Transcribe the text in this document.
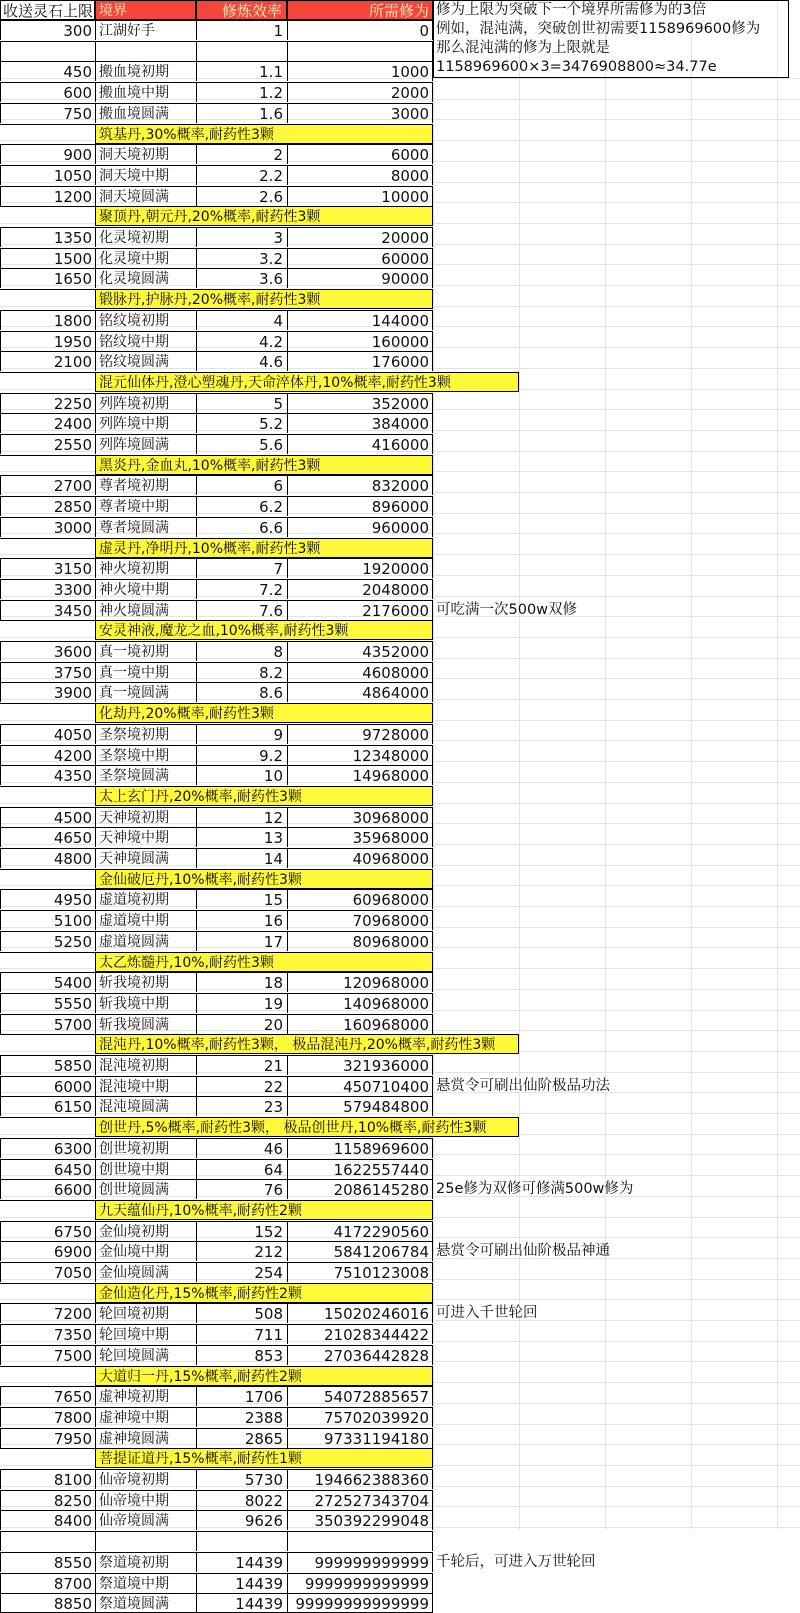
收送灵石上限 境界	修炼效率	所需修为 修为上限为突破下一个境界所需修为的3倍
例如，混沌满，突破创世初需要1158969600修为
那么混沌满的修为上限就是
1158969600×3=3476908800≈34.77e
300 江湖好手	1	0
450 搬血境初期	1.1	1000
600 搬血境中期	1.2	2000
750 搬血境圆满	1.6	3000
筑基丹,30%概率,耐药性3颗
900 洞天境初期	2	6000
1050 洞天境中期	2.2	8000
1200 洞天境圆满	2.6	10000
聚顶丹,朝元丹,20%概率,耐药性3颗
1350 化灵境初期	3	20000
1500 化灵境中期	3.2	60000
1650 化灵境圆满	3.6	90000
锻脉丹,护脉丹,20%概率,耐药性3颗
1800 铭纹境初期	4	144000
1950 铭纹境中期	4.2	160000
2100 铭纹境圆满	4.6	176000
混元仙体丹,澄心塑魂丹,天命淬体丹,10%概率,耐药性3颗
2250 列阵境初期	5	352000
2400 列阵境中期	5.2	384000
2550 列阵境圆满	5.6	416000
黑炎丹,金血丸,10%概率,耐药性3颗
2700 尊者境初期	6	832000
2850 尊者境中期	6.2	896000
3000 尊者境圆满	6.6	960000
虚灵丹,净明丹,10%概率,耐药性3颗
3150 神火境初期	7	1920000
3300 神火境中期	7.2	2048000
3450 神火境圆满	7.6	2176000 可吃满一次500w双修
安灵神液,魔龙之血,10%概率,耐药性3颗
3600 真一境初期	8	4352000
3750 真一境中期	8.2	4608000
3900 真一境圆满	8.6	4864000
化劫丹,20%概率,耐药性3颗
4050 圣祭境初期	9	9728000
4200 圣祭境中期	9.2	12348000
4350 圣祭境圆满	10	14968000
太上玄门丹,20%概率,耐药性3颗
4500 天神境初期	12	30968000
4650 天神境中期	13	35968000
4800 天神境圆满	14	40968000
金仙破厄丹,10%概率,耐药性3颗
4950 虚道境初期	15	60968000
5100 虚道境中期	16	70968000
5250 虚道境圆满	17	80968000
太乙炼髓丹,10%,耐药性3颗
5400 斩我境初期	18	120968000
5550 斩我境中期	19	140968000
5700 斩我境圆满	20	160968000
混沌丹,10%概率,耐药性3颗， 极品混沌丹,20%概率,耐药性3颗
5850 混沌境初期	21	321936000
6000 混沌境中期	22	450710400 悬赏令可刷出仙阶极品功法
6150 混沌境圆满	23	579484800
创世丹,5%概率,耐药性3颗， 极品创世丹,10%概率,耐药性3颗
6300 创世境初期	46	1158969600
6450 创世境中期	64	1622557440
6600 创世境圆满	76	2086145280 25e修为双修可修满500w修为
九天蕴仙丹,10%概率,耐药性2颗
6750 金仙境初期	152	4172290560
6900 金仙境中期	212	5841206784 悬赏令可刷出仙阶极品神通
7050 金仙境圆满	254	7510123008
金仙造化丹,15%概率,耐药性2颗
7200 轮回境初期	508	15020246016 可进入千世轮回
7350 轮回境中期	711	21028344422
7500 轮回境圆满	853	27036442828
大道归一丹,15%概率,耐药性2颗
7650 虚神境初期	1706	54072885657
7800 虚神境中期	2388	75702039920
7950 虚神境圆满	2865	97331194180
菩提证道丹,15%概率,耐药性1颗
8100 仙帝境初期	5730	194662388360
8250 仙帝境中期	8022	272527343704
8400 仙帝境圆满	9626	350392299048
8550 祭道境初期	14439	999999999999 千轮后，可进入万世轮回
8700 祭道境中期	14439	9999999999999
8850 祭道境圆满	14439 99999999999999
